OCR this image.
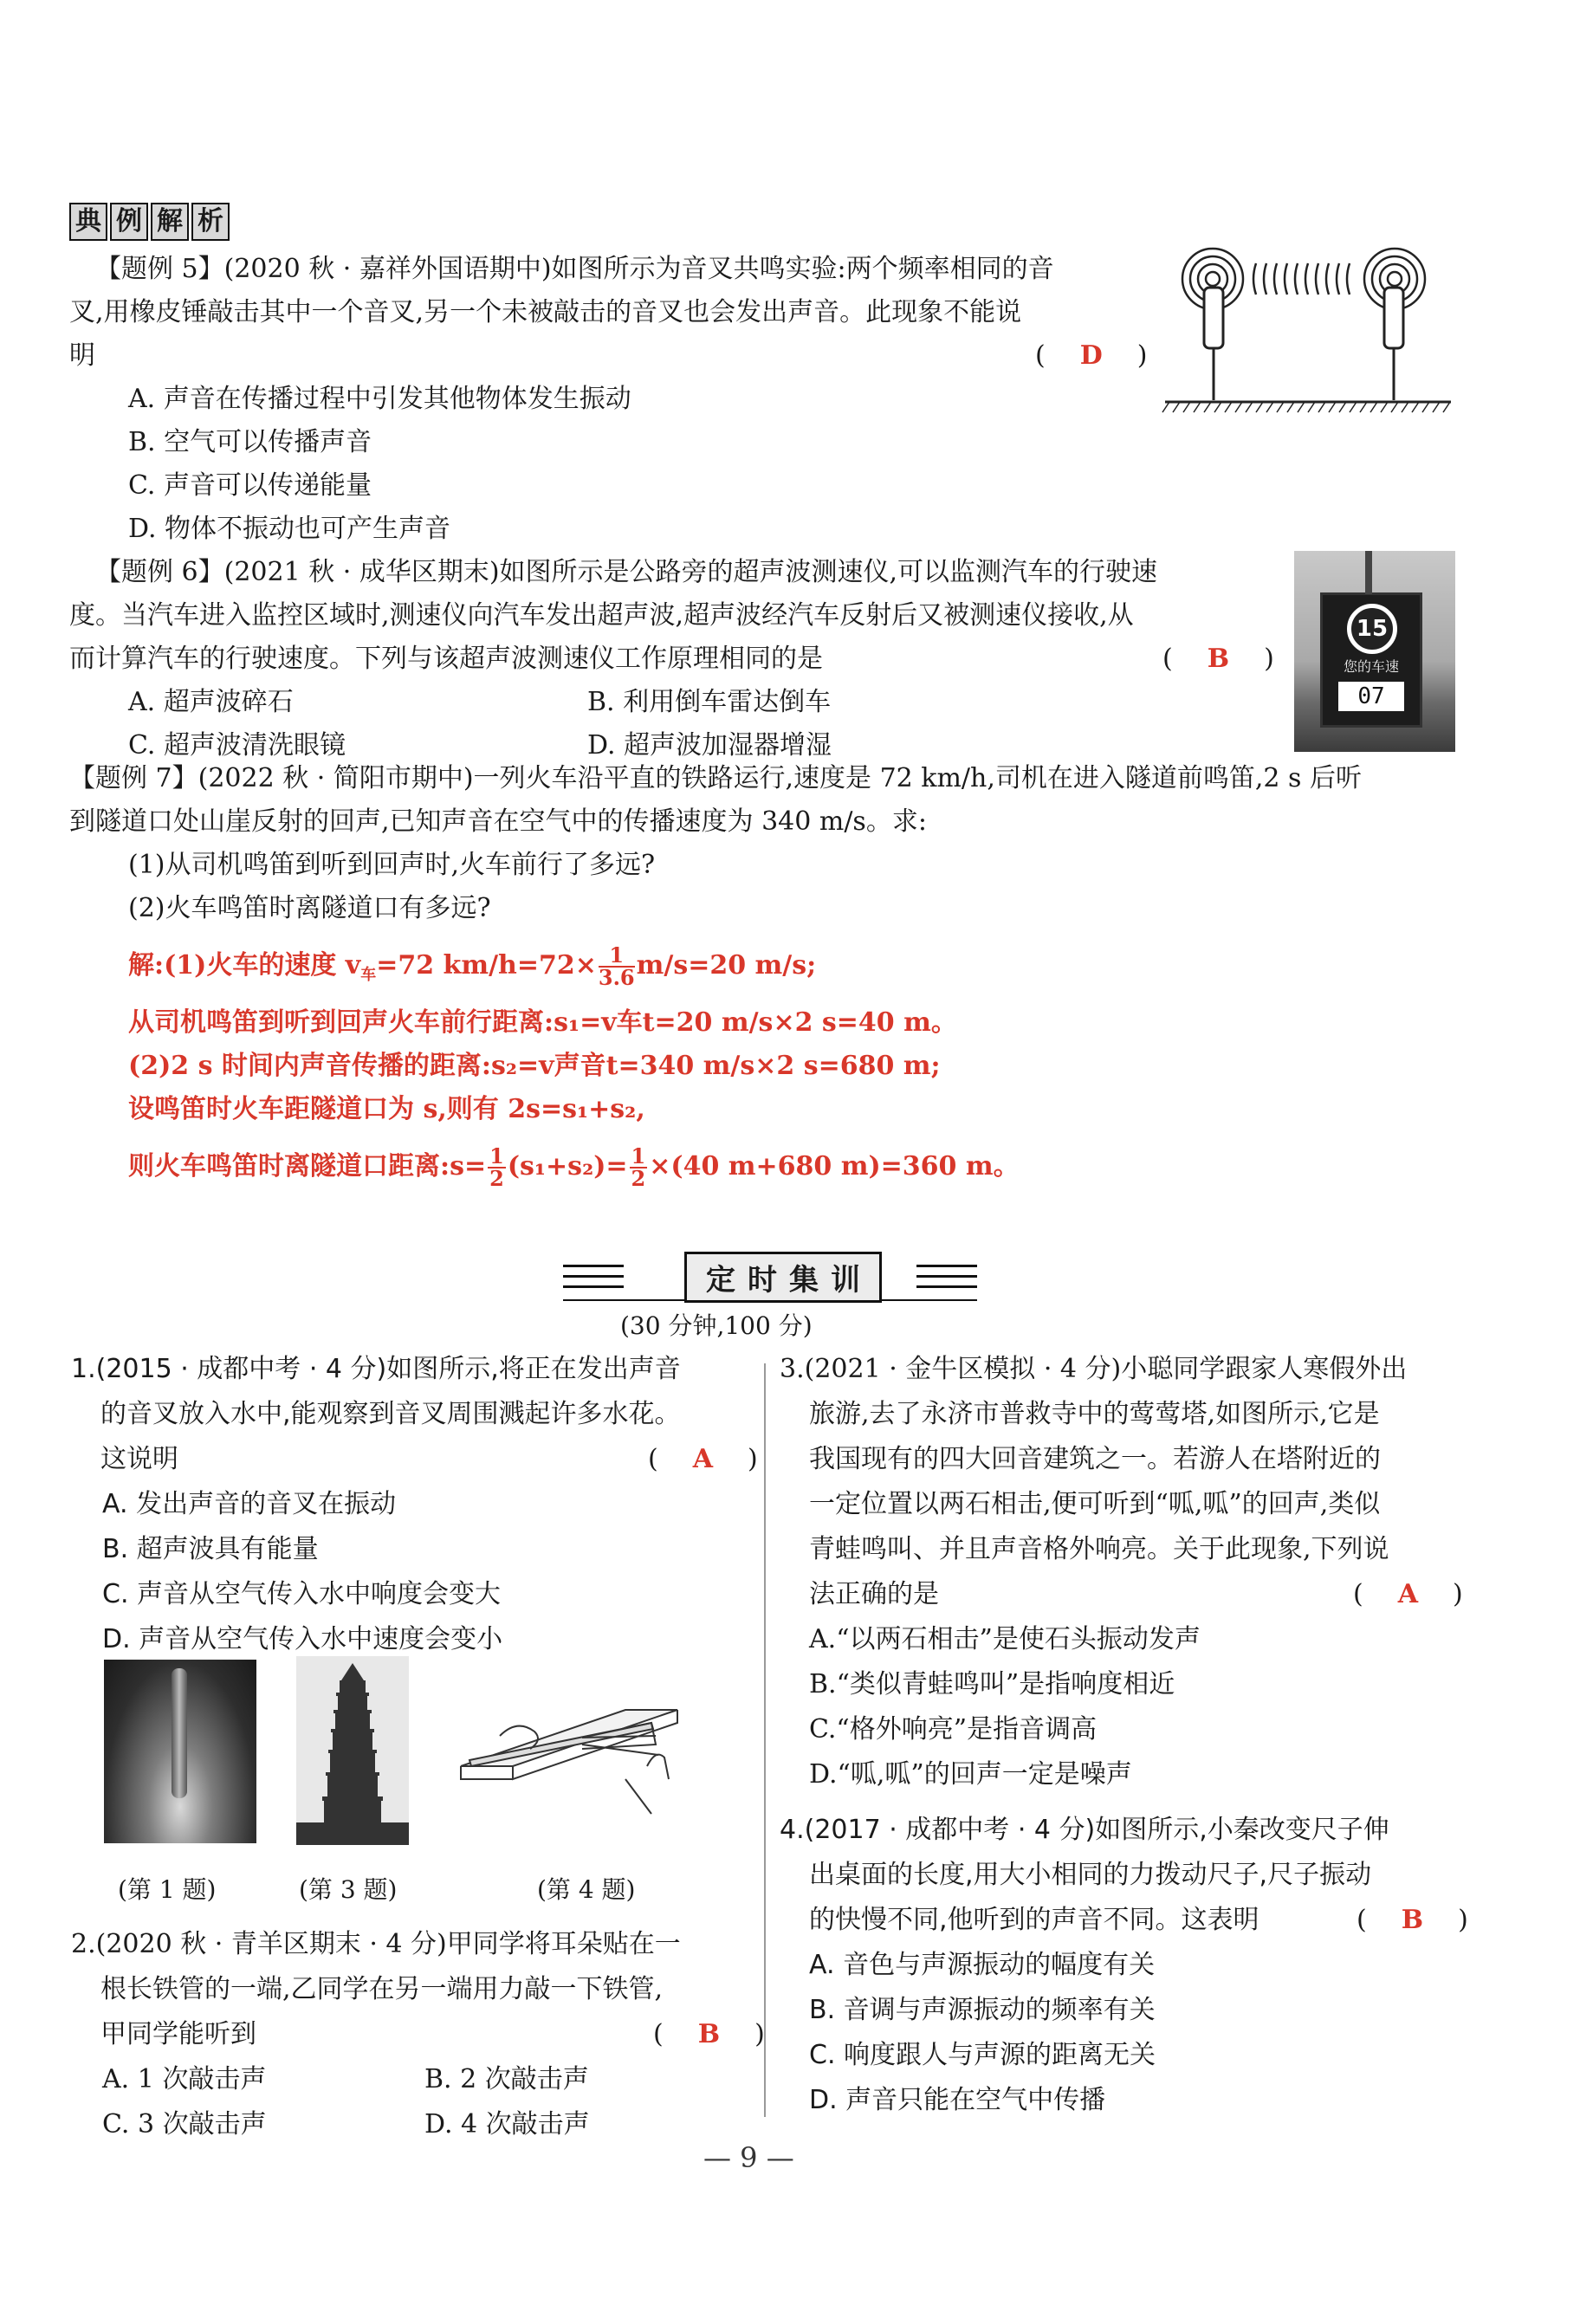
典 例 解 析
【题例 5】(2020 秋 · 嘉祥外国语期中)如图所示为音叉共鸣实验:两个频率相同的音
叉,用橡皮锤敲击其中一个音叉,另一个未被敲击的音叉也会发出声音。此现象不能说
明	( D )
A. 声音在传播过程中引发其他物体发生振动
B. 空气可以传播声音
C. 声音可以传递能量
D. 物体不振动也可产生声音
【题例 6】(2021 秋 · 成华区期末)如图所示是公路旁的超声波测速仪,可以监测汽车的行驶速
度。当汽车进入监控区域时,测速仪向汽车发出超声波,超声波经汽车反射后又被测速仪接收,从
而计算汽车的行驶速度。下列与该超声波测速仪工作原理相同的是	( B )
A. 超声波碎石	B. 利用倒车雷达倒车
C. 超声波清洗眼镜	D. 超声波加湿器增湿
15
您的车速
07
【题例 7】(2022 秋 · 简阳市期中)一列火车沿平直的铁路运行,速度是 72 km/h,司机在进入隧道前鸣笛,2 s 后听
到隧道口处山崖反射的回声,已知声音在空气中的传播速度为 340 m/s。求:
(1)从司机鸣笛到听到回声时,火车前行了多远?
(2)火车鸣笛时离隧道口有多远?
解:(1)火车的速度 $v_车=72$ $km/h=72\times \frac{1}{3.6} m/s=20$ m/s;
从司机鸣笛到听到回声火车前行距离:s₁=v车t=20 m/s×2 s=40 m。
(2)2 s 时间内声音传播的距离:s₂=v声音t=340 m/s×2 s=680 m;
设鸣笛时火车距隧道口为 s,则有 2s=s₁+s₂,
则火车鸣笛时离隧道口距离:s= $\frac{1}{2} (s_1+s_2)= \frac{1}{2} \times(40$ m+680 m)=360 m。
定时集训
(30 分钟,100 分)
1.(2015 · 成都中考 · 4 分)如图所示,将正在发出声音
的音叉放入水中,能观察到音叉周围溅起许多水花。
这说明	( A )
A. 发出声音的音叉在振动
B. 超声波具有能量
C. 声音从空气传入水中响度会变大
D. 声音从空气传入水中速度会变小
(第 1 题)	(第 3 题)	(第 4 题)
2.(2020 秋 · 青羊区期末 · 4 分)甲同学将耳朵贴在一
根长铁管的一端,乙同学在另一端用力敲一下铁管,
甲同学能听到	( B )
A. 1 次敲击声	B. 2 次敲击声
C. 3 次敲击声	D. 4 次敲击声
3.(2021 · 金牛区模拟 · 4 分)小聪同学跟家人寒假外出
旅游,去了永济市普救寺中的莺莺塔,如图所示,它是
我国现有的四大回音建筑之一。若游人在塔附近的
一定位置以两石相击,便可听到“呱,呱”的回声,类似
青蛙鸣叫、并且声音格外响亮。关于此现象,下列说
法正确的是	( A )
A.“以两石相击”是使石头振动发声
B.“类似青蛙鸣叫”是指响度相近
C.“格外响亮”是指音调高
D.“呱,呱”的回声一定是噪声
4.(2017 · 成都中考 · 4 分)如图所示,小秦改变尺子伸
出桌面的长度,用大小相同的力拨动尺子,尺子振动
的快慢不同,他听到的声音不同。这表明	( B )
A. 音色与声源振动的幅度有关
B. 音调与声源振动的频率有关
C. 响度跟人与声源的距离无关
D. 声音只能在空气中传播
— 9 —
